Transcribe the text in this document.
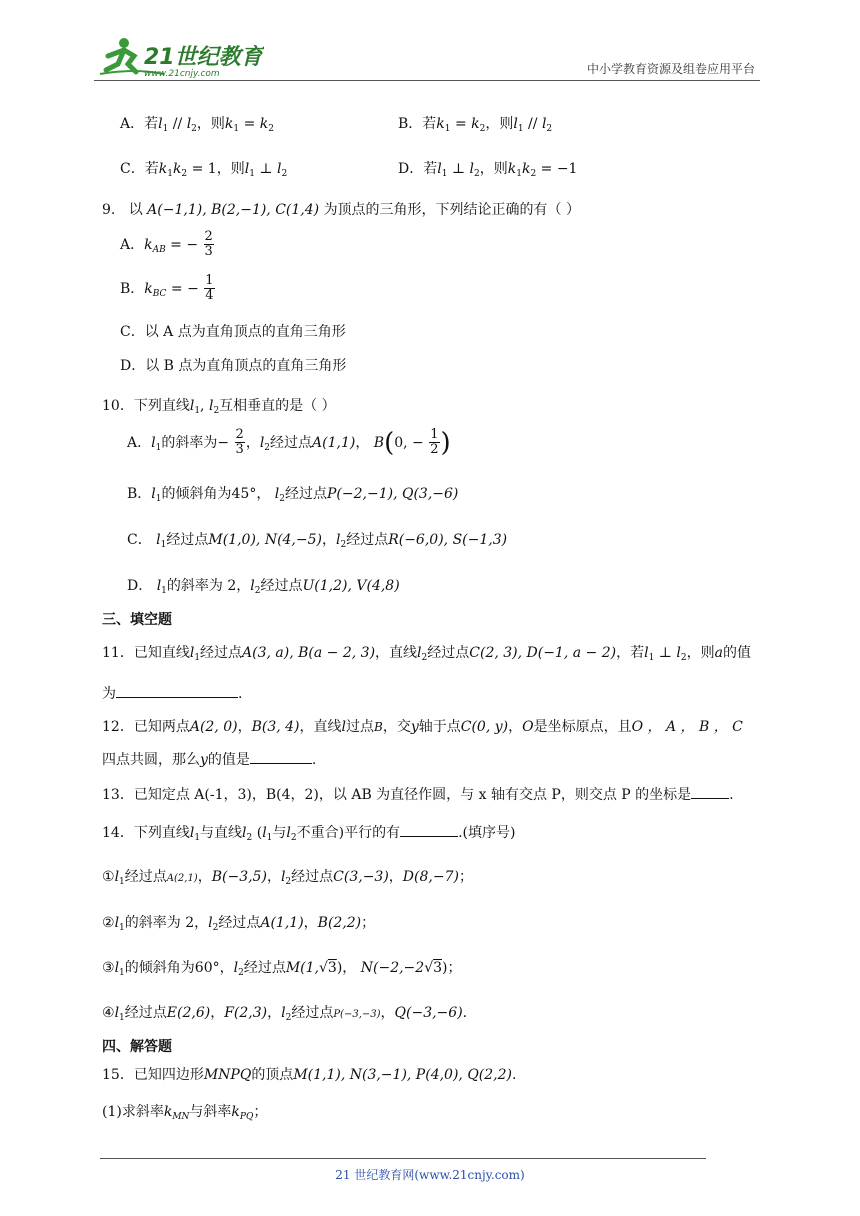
21世纪教育
www.21cnjy.com	中小学教育资源及组卷应用平台
A．若$l_1 // l_2$，则$k_1 = k_2$	B．若$k_1 = k_2$，则$l_1 // l_2$
C．若$k_1k_2 = 1$，则$l_1$ ⊥ $l_2$	D．若$l_1$ ⊥ $l_2$，则$k_1k_2 = -1$
9. 以 A(−1,1), B(2,−1), C(1,4) 为顶点的三角形，下列结论正确的有（ ）
A．$k_{AB}$ = − $\frac{2}{3}$
B．$k_{BC}$ = − $\frac{1}{4}$
C．以 A 点为直角顶点的直角三角形
D．以 B 点为直角顶点的直角三角形
10．下列直线$l_1$, $l_2$互相垂直的是（ ）
A．$l_1$的斜率为− $\frac{2}{3}$ ，$l_2$经过点A(1,1)， B(0, − $\frac{1}{2}$ )
B．$l_1$的倾斜角为45°， $l_2$经过点P(−2,−1), Q(3,−6)
C． $l_1$经过点M(1,0), N(4,−5)，$l_2$经过点R(−6,0), S(−1,3)
D． $l_1$的斜率为 2，$l_2$经过点U(1,2), V(4,8)
三、填空题
11．已知直线$l_1$经过点A(3, a), B(a − 2, 3)，直线$l_2$经过点C(2, 3), D(−1, a − 2)，若$l_1$ ⊥ $l_2$，则a的值
为	.
12．已知两点A(2, 0)，B(3, 4)，直线l过点B，交y轴于点C(0, y)，O是坐标原点，且O ， A ， B ， C
四点共圆，那么y的值是	.
13．已知定点 A(-1，3)，B(4，2)，以 AB 为直径作圆，与 x 轴有交点 P，则交点 P 的坐标是	.
14．下列直线$l_1$与直线$l_2$ ($l_1$与$l_2$不重合)平行的有	.(填序号)
$①l_1$经过点A(2,1)，B(−3,5)，$l_2$经过点C(3,−3)，D(8,−7)；
$②l_1$的斜率为 2，$l_2$经过点A(1,1)，B(2,2)；
$③l_1$的倾斜角为60°，$l_2$经过点M(1,√3)， N(−2,−2√3)；
$④l_1$经过点E(2,6)，F(2,3)，$l_2$经过点P(−3,−3)，Q(−3,−6).
四、解答题
15．已知四边形MNPQ的顶点M(1,1), N(3,−1), P(4,0), Q(2,2).
(1)求斜率$k_{MN}$与斜率$k_{PQ}$；
21 世纪教育网(www.21cnjy.com)
